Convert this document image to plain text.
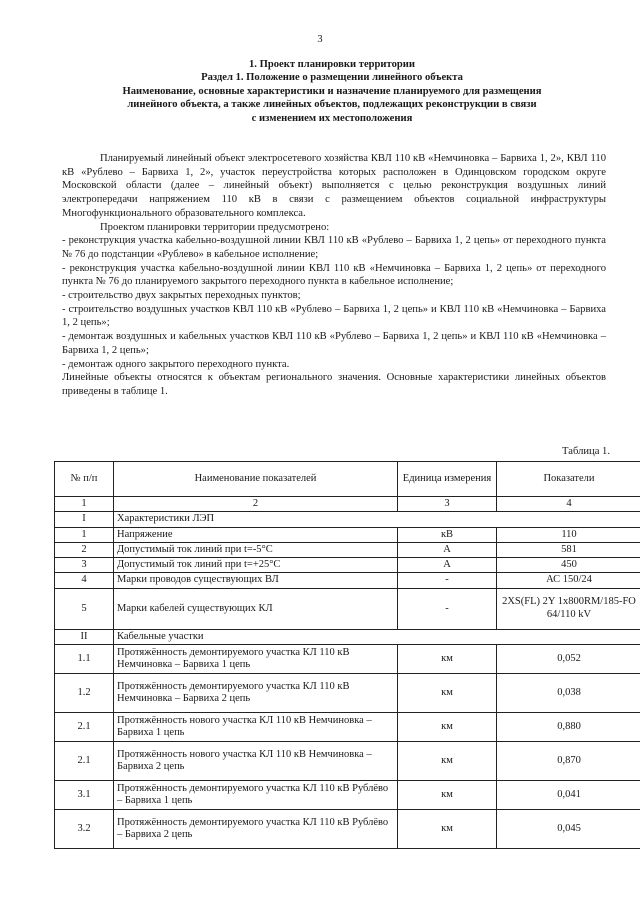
3
1. Проект планировки территории
Раздел 1. Положение о размещении линейного объекта
Наименование, основные характеристики и назначение планируемого для размещения
линейного объекта, а также линейных объектов, подлежащих реконструкции в связи
с изменением их местоположения

Планируемый линейный объект электросетевого хозяйства КВЛ 110 кВ «Немчиновка – Барвиха 1, 2», КВЛ 110 кВ «Рублево – Барвиха 1, 2», участок переустройства которых расположен в Одинцовском городском округе Московской области (далее – линейный объект) выполняется с целью реконструкция воздушных линий электропередачи напряжением 110 кВ в связи с размещением объектов социальной инфраструктуры Многофункционального образовательного комплекса.

Проектом планировки территории предусмотрено:

- реконструкция участка кабельно-воздушной линии КВЛ 110 кВ «Рублево – Барвиха 1, 2 цепь» от переходного пункта № 76 до подстанции «Рублево» в кабельное исполнение;

- реконструкция участка кабельно-воздушной линии КВЛ 110 кВ «Немчиновка – Барвиха 1, 2 цепь» от переходного пункта № 76 до планируемого закрытого переходного пункта в кабельное исполнение;

- строительство двух закрытых переходных пунктов;

- строительство воздушных участков КВЛ 110 кВ «Рублево – Барвиха 1, 2 цепь» и КВЛ 110 кВ «Немчиновка – Барвиха 1, 2 цепь»;

- демонтаж воздушных и кабельных участков КВЛ 110 кВ «Рублево – Барвиха 1, 2 цепь» и КВЛ 110 кВ «Немчиновка – Барвиха 1, 2 цепь»;

- демонтаж одного закрытого переходного пункта.

Линейные объекты относятся к объектам регионального значения. Основные характеристики линейных объектов приведены в таблице 1.

Таблица 1.
№ п/п	Наименование показателей	Единица измерения	Показатели
1	2	3	4
I	Характеристики ЛЭП		
1	Напряжение	кВ	110
2	Допустимый ток линий при t=-5°С	А	581
3	Допустимый ток линий при t=+25°С	А	450
4	Марки проводов существующих ВЛ	-	АС 150/24
5	Марки кабелей существующих КЛ	-	2XS(FL) 2Y 1x800RM/185-FO 64/110 kV
II	Кабельные участки		
1.1	Протяжённость демонтируемого участка КЛ 110 кВ Немчиновка – Барвиха 1 цепь	км	0,052
1.2	Протяжённость демонтируемого участка КЛ 110 кВ Немчиновка – Барвиха 2 цепь	км	0,038
2.1	Протяжённость нового участка КЛ 110 кВ Немчиновка – Барвиха 1 цепь	км	0,880
2.1	Протяжённость нового участка КЛ 110 кВ Немчиновка – Барвиха 2 цепь	км	0,870
3.1	Протяжённость демонтируемого участка КЛ 110 кВ Рублёво – Барвиха 1 цепь	км	0,041
3.2	Протяжённость демонтируемого участка КЛ 110 кВ Рублёво – Барвиха 2 цепь	км	0,045
